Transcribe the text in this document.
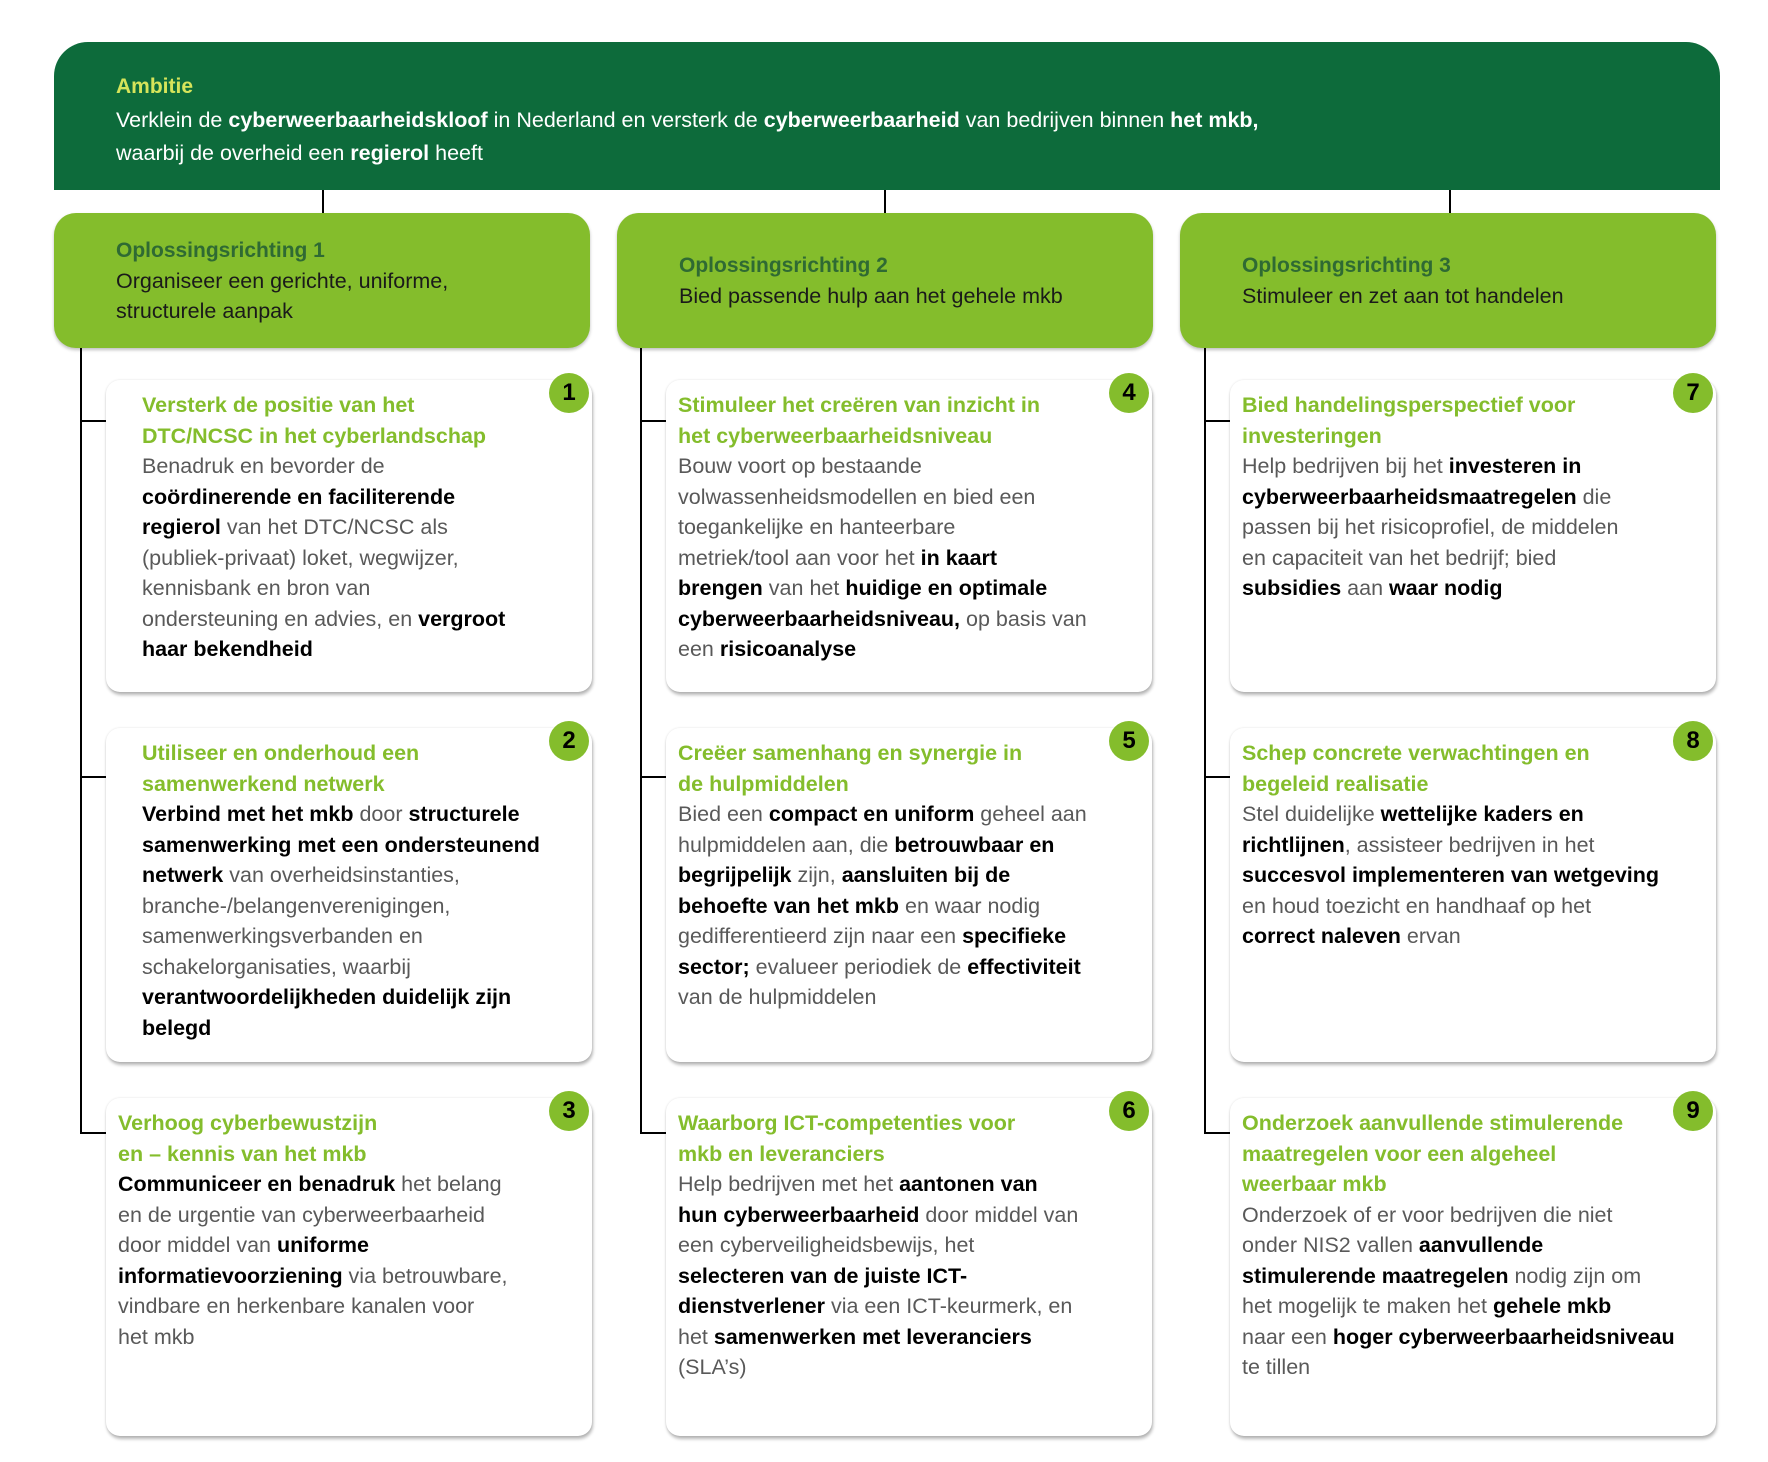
Ambitie
Verklein de cyberweerbaarheidskloof in Nederland en versterk de cyberweerbaarheid van bedrijven binnen het mkb,
waarbij de overheid een regierol heeft
Oplossingsrichting 1
Organiseer een gerichte, uniforme,
structurele aanpak
Oplossingsrichting 2
Bied passende hulp aan het gehele mkb
Oplossingsrichting 3
Stimuleer en zet aan tot handelen
1
Versterk de positie van het
DTC/NCSC in het cyberlandschap
Benadruk en bevorder de
coördinerende en faciliterende
regierol van het DTC/NCSC als
(publiek-privaat) loket, wegwijzer,
kennisbank en bron van
ondersteuning en advies, en vergroot
haar bekendheid
2
Utiliseer en onderhoud een
samenwerkend netwerk
Verbind met het mkb door structurele
samenwerking met een ondersteunend
netwerk van overheidsinstanties,
branche-/belangenverenigingen,
samenwerkingsverbanden en
schakelorganisaties, waarbij
verantwoordelijkheden duidelijk zijn
belegd
3
Verhoog cyberbewustzijn
en – kennis van het mkb
Communiceer en benadruk het belang
en de urgentie van cyberweerbaarheid
door middel van uniforme
informatievoorziening via betrouwbare,
vindbare en herkenbare kanalen voor
het mkb
4
Stimuleer het creëren van inzicht in
het cyberweerbaarheidsniveau
Bouw voort op bestaande
volwassenheidsmodellen en bied een
toegankelijke en hanteerbare
metriek/tool aan voor het in kaart
brengen van het huidige en optimale
cyberweerbaarheidsniveau, op basis van
een risicoanalyse
5
Creëer samenhang en synergie in
de hulpmiddelen
Bied een compact en uniform geheel aan
hulpmiddelen aan, die betrouwbaar en
begrijpelijk zijn, aansluiten bij de
behoefte van het mkb en waar nodig
gedifferentieerd zijn naar een specifieke
sector; evalueer periodiek de effectiviteit
van de hulpmiddelen
6
Waarborg ICT-competenties voor
mkb en leveranciers
Help bedrijven met het aantonen van
hun cyberweerbaarheid door middel van
een cyberveiligheidsbewijs, het
selecteren van de juiste ICT-
dienstverlener via een ICT-keurmerk, en
het samenwerken met leveranciers
(SLA’s)
7
Bied handelingsperspectief voor
investeringen
Help bedrijven bij het investeren in
cyberweerbaarheidsmaatregelen die
passen bij het risicoprofiel, de middelen
en capaciteit van het bedrijf; bied
subsidies aan waar nodig
8
Schep concrete verwachtingen en
begeleid realisatie
Stel duidelijke wettelijke kaders en
richtlijnen, assisteer bedrijven in het
succesvol implementeren van wetgeving
en houd toezicht en handhaaf op het
correct naleven ervan
9
Onderzoek aanvullende stimulerende
maatregelen voor een algeheel
weerbaar mkb
Onderzoek of er voor bedrijven die niet
onder NIS2 vallen aanvullende
stimulerende maatregelen nodig zijn om
het mogelijk te maken het gehele mkb
naar een hoger cyberweerbaarheidsniveau
te tillen
